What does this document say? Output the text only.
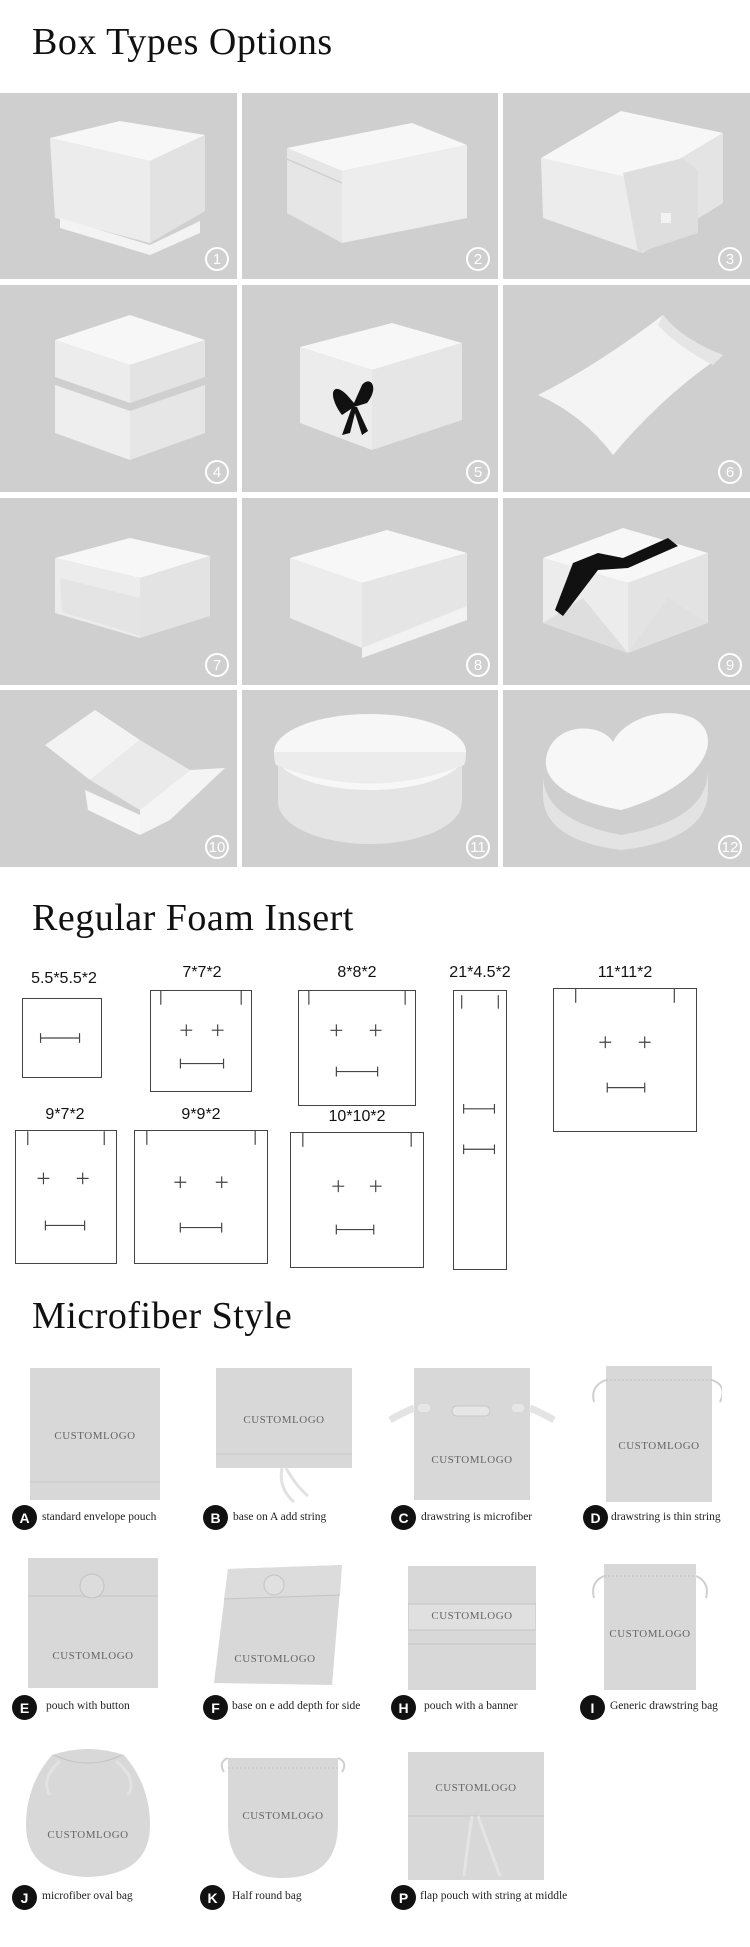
Box Types Options
1	2	3
4	5	6
7	8	9
10	11	12
Regular Foam Insert
5.5*5.5*2	7*7*2	8*8*2	21*4.5*2	11*11*2
9*7*2	9*9*2	10*10*2
Microfiber Style
CUSTOMLOGO
A	standard envelope pouch
CUSTOMLOGO
B	base on A add string
CUSTOMLOGO
C	drawstring is microfiber
CUSTOMLOGO
D drawstring is thin string
CUSTOMLOGO
E	pouch with button
CUSTOMLOGO
F	base on e add depth for side
CUSTOMLOGO
H	pouch with a banner
CUSTOMLOGO
I	Generic drawstring bag
CUSTOMLOGO
J	microfiber oval bag
CUSTOMLOGO
K	Half round bag
CUSTOMLOGO
P	flap pouch with string at middle
